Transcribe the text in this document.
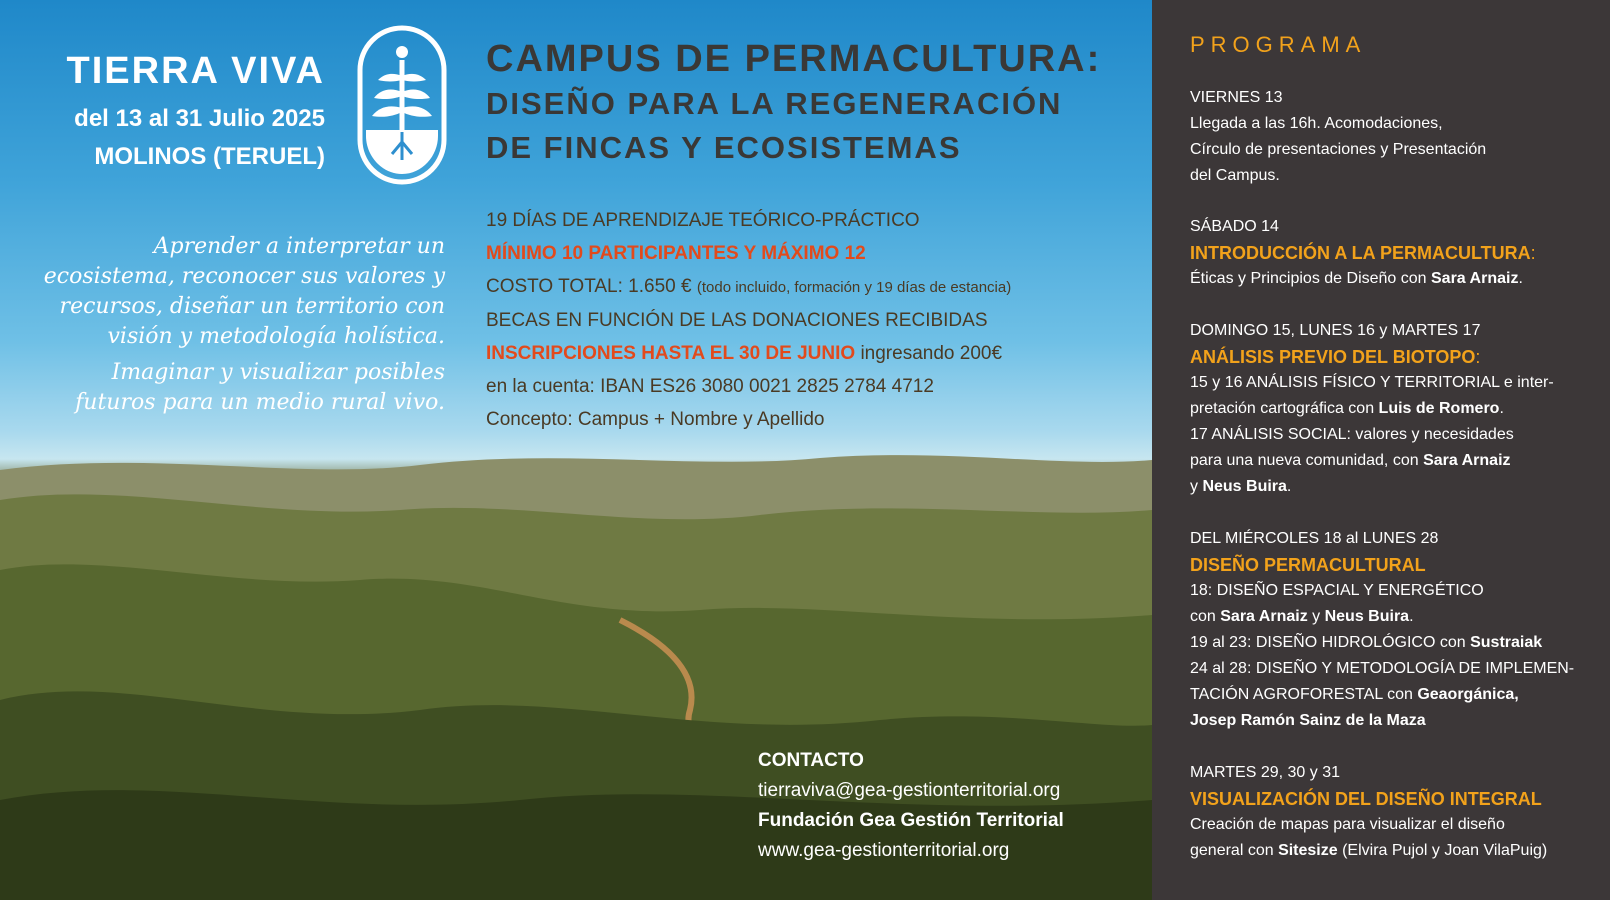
TIERRA VIVA
del 13 al 31 Julio 2025
MOLINOS (TERUEL)
CAMPUS DE PERMACULTURA:
DISEÑO PARA LA REGENERACIÓN
DE FINCAS Y ECOSISTEMAS

Aprender a interpretar un ecosistema, reconocer sus valores y recursos, diseñar un territorio con visión y metodología holística.

Imaginar y visualizar posibles futuros para un medio rural vivo.

19 DÍAS DE APRENDIZAJE TEÓRICO-PRÁCTICO
MÍNIMO 10 PARTICIPANTES Y MÁXIMO 12
COSTO TOTAL: 1.650 € (todo incluido, formación y 19 días de estancia)
BECAS EN FUNCIÓN DE LAS DONACIONES RECIBIDAS
INSCRIPCIONES HASTA EL 30 DE JUNIO ingresando 200€
en la cuenta: IBAN ES26 3080 0021 2825 2784 4712
Concepto: Campus + Nombre y Apellido
CONTACTO
tierraviva@gea-gestionterritorial.org
Fundación Gea Gestión Territorial
www.gea-gestionterritorial.org
PROGRAMA
VIERNES 13
Llegada a las 16h. Acomodaciones,
Círculo de presentaciones y Presentación
del Campus.
SÁBADO 14
INTRODUCCIÓN A LA PERMACULTURA:
Éticas y Principios de Diseño con Sara Arnaiz.
DOMINGO 15, LUNES 16 y MARTES 17
ANÁLISIS PREVIO DEL BIOTOPO:
15 y 16 ANÁLISIS FÍSICO Y TERRITORIAL e inter-
pretación cartográfica con Luis de Romero.
17 ANÁLISIS SOCIAL: valores y necesidades
para una nueva comunidad, con Sara Arnaiz
y Neus Buira.
DEL MIÉRCOLES 18 al LUNES 28
DISEÑO PERMACULTURAL
18: DISEÑO ESPACIAL Y ENERGÉTICO
con Sara Arnaiz y Neus Buira.
19 al 23: DISEÑO HIDROLÓGICO con Sustraiak
24 al 28: DISEÑO Y METODOLOGÍA DE IMPLEMEN-
TACIÓN AGROFORESTAL con Geaorgánica,
Josep Ramón Sainz de la Maza
MARTES 29, 30 y 31
VISUALIZACIÓN DEL DISEÑO INTEGRAL
Creación de mapas para visualizar el diseño
general con Sitesize (Elvira Pujol y Joan VilaPuig)
